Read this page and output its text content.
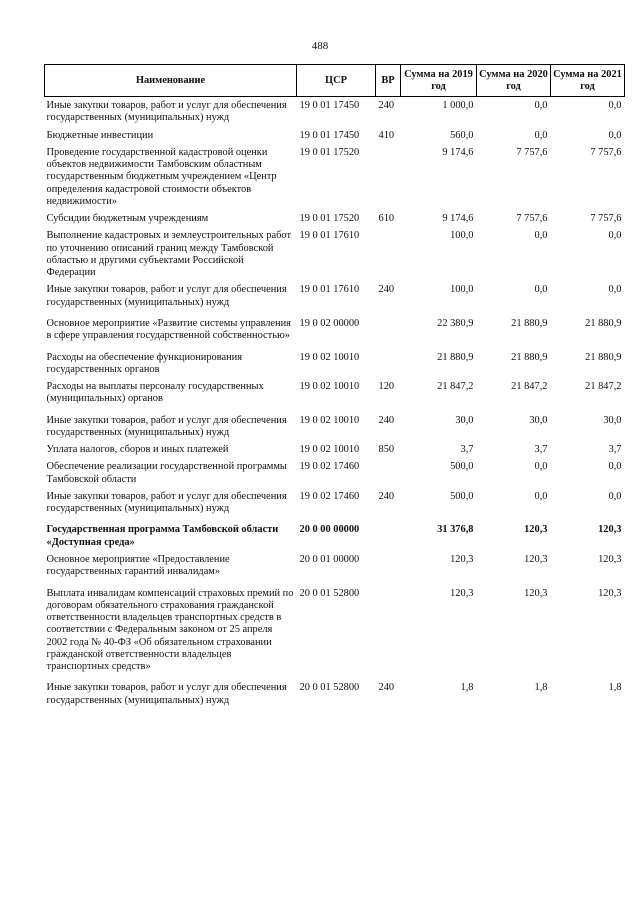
488
Наименование	ЦСР	ВР	Сумма на 2019 год	Сумма на 2020 год	Сумма на 2021 год
Иные закупки товаров, работ и услуг для обеспечения государственных (муниципальных) нужд	19 0 01 17450	240	1 000,0	0,0	0,0
Бюджетные инвестиции	19 0 01 17450	410	560,0	0,0	0,0
Проведение государственной кадастровой оценки объектов недвижимости Тамбовским областным государственным бюджетным учреждением «Центр определения кадастровой стоимости объектов недвижимости»	19 0 01 17520		9 174,6	7 757,6	7 757,6
Субсидии бюджетным учреждениям	19 0 01 17520	610	9 174,6	7 757,6	7 757,6
Выполнение кадастровых и землеустроительных работ по уточнению описаний границ между Тамбовской областью и другими субъектами Российской Федерации	19 0 01 17610		100,0	0,0	0,0
Иные закупки товаров, работ и услуг для обеспечения государственных (муниципальных) нужд	19 0 01 17610	240	100,0	0,0	0,0
Основное мероприятие «Развитие системы управления в сфере управления государственной собственностью»	19 0 02 00000		22 380,9	21 880,9	21 880,9
Расходы на обеспечение функционирования государственных органов	19 0 02 10010		21 880,9	21 880,9	21 880,9
Расходы на выплаты персоналу государственных (муниципальных) органов	19 0 02 10010	120	21 847,2	21 847,2	21 847,2
Иные закупки товаров, работ и услуг для обеспечения государственных (муниципальных) нужд	19 0 02 10010	240	30,0	30,0	30,0
Уплата налогов, сборов и иных платежей	19 0 02 10010	850	3,7	3,7	3,7
Обеспечение реализации государственной программы Тамбовской области	19 0 02 17460		500,0	0,0	0,0
Иные закупки товаров, работ и услуг для обеспечения государственных (муниципальных) нужд	19 0 02 17460	240	500,0	0,0	0,0
Государственная программа Тамбовской области «Доступная среда»	20 0 00 00000		31 376,8	120,3	120,3
Основное мероприятие «Предоставление государственных гарантий инвалидам»	20 0 01 00000		120,3	120,3	120,3
Выплата инвалидам компенсаций страховых премий по договорам обязательного страхования гражданской ответственности владельцев транспортных средств в соответствии с Федеральным законом от 25 апреля 2002 года № 40-ФЗ «Об обязательном страховании гражданской ответственности владельцев транспортных средств»	20 0 01 52800		120,3	120,3	120,3
Иные закупки товаров, работ и услуг для обеспечения государственных (муниципальных) нужд	20 0 01 52800	240	1,8	1,8	1,8
